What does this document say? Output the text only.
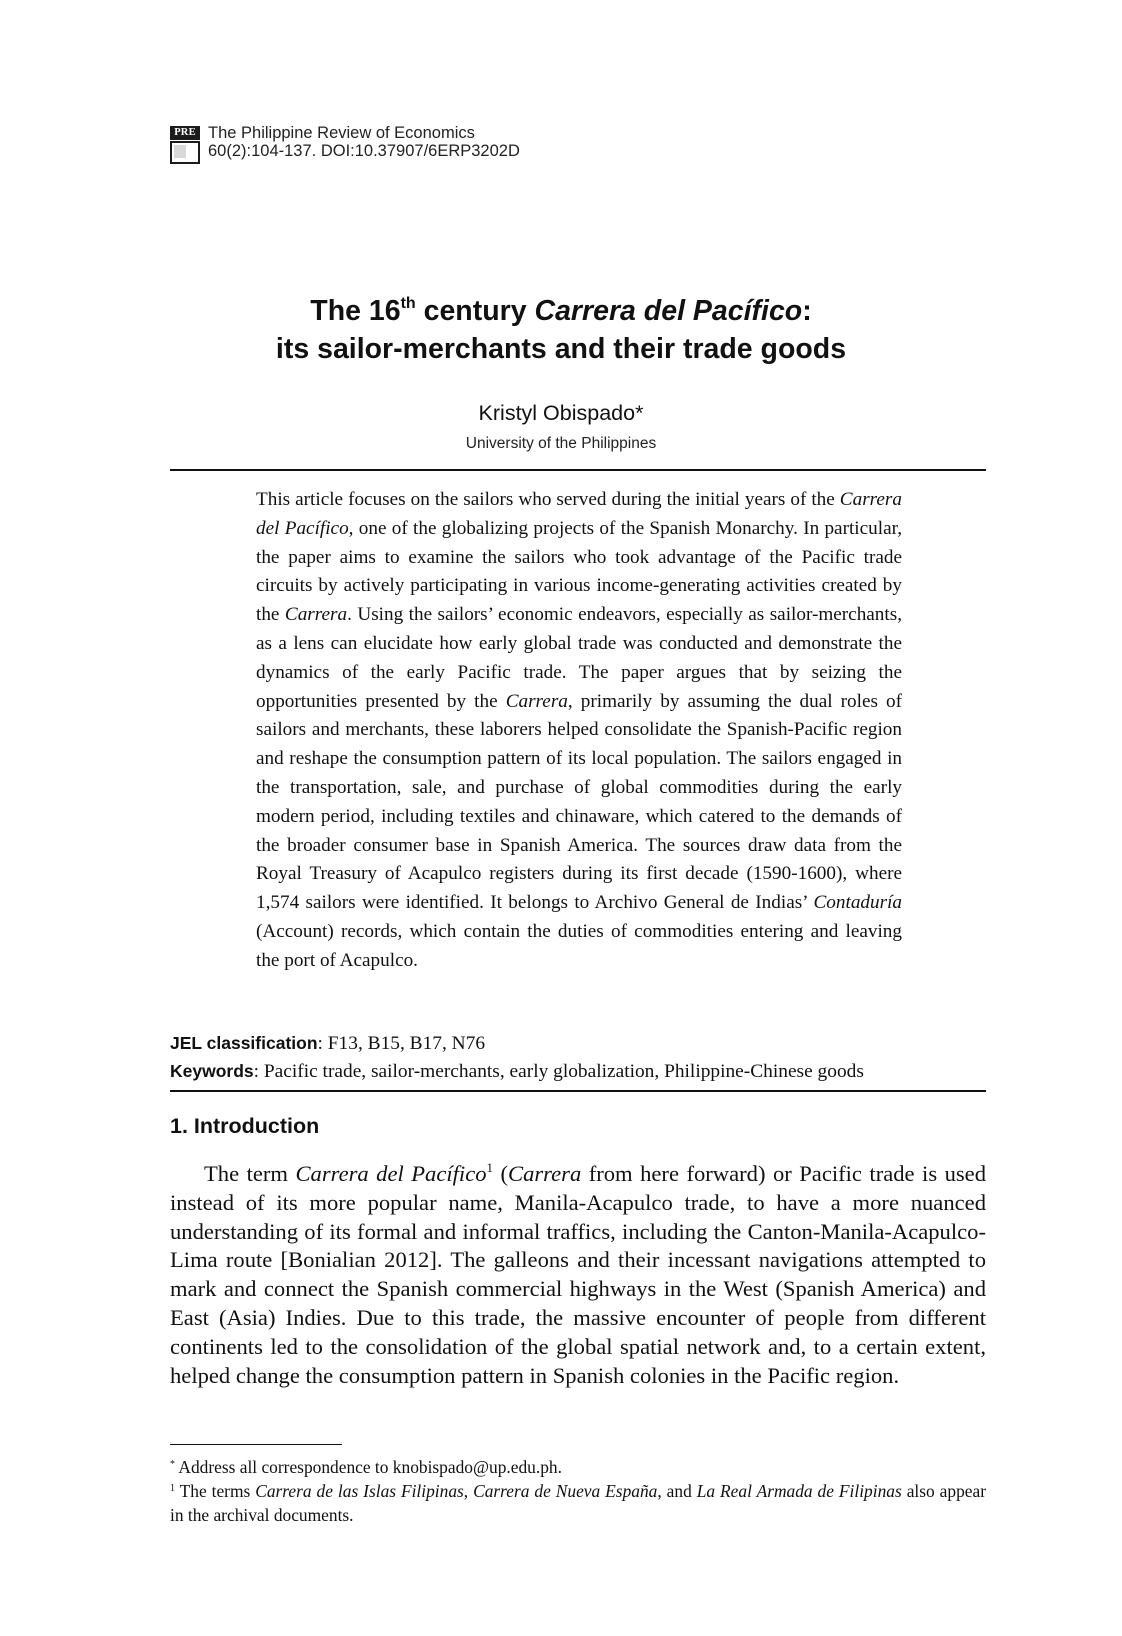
PRE The Philippine Review of Economics
60(2):104-137. DOI:10.37907/6ERP3202D
The 16th century Carrera del Pacífico:
its sailor-merchants and their trade goods
Kristyl Obispado*
University of the Philippines
This article focuses on the sailors who served during the initial years of the Carrera del Pacífico, one of the globalizing projects of the Spanish Monarchy. In particular, the paper aims to examine the sailors who took advantage of the Pacific trade circuits by actively participating in various income-generating activities created by the Carrera. Using the sailors’ economic endeavors, especially as sailor-merchants, as a lens can elucidate how early global trade was conducted and demonstrate the dynamics of the early Pacific trade. The paper argues that by seizing the opportunities presented by the Carrera, primarily by assuming the dual roles of sailors and merchants, these laborers helped consolidate the Spanish-Pacific region and reshape the consumption pattern of its local population. The sailors engaged in the transportation, sale, and purchase of global commodities during the early modern period, including textiles and chinaware, which catered to the demands of the broader consumer base in Spanish America. The sources draw data from the Royal Treasury of Acapulco registers during its first decade (1590-1600), where 1,574 sailors were identified. It belongs to Archivo General de Indias’ Contaduría (Account) records, which contain the duties of commodities entering and leaving the port of Acapulco.
JEL classification: F13, B15, B17, N76
Keywords: Pacific trade, sailor-merchants, early globalization, Philippine-Chinese goods
1. Introduction
The term Carrera del Pacífico$^1$ (Carrera from here forward) or Pacific trade is used instead of its more popular name, Manila-Acapulco trade, to have a more nuanced understanding of its formal and informal traffics, including the Canton-Manila-Acapulco-Lima route [Bonialian 2012]. The galleons and their incessant navigations attempted to mark and connect the Spanish commercial highways in the West (Spanish America) and East (Asia) Indies. Due to this trade, the massive encounter of people from different continents led to the consolidation of the global spatial network and, to a certain extent, helped change the consumption pattern in Spanish colonies in the Pacific region.

* Address all correspondence to knobispado@up.edu.ph.

$^1$ The terms Carrera de las Islas Filipinas, Carrera de Nueva España, and La Real Armada de Filipinas also appear in the archival documents.
